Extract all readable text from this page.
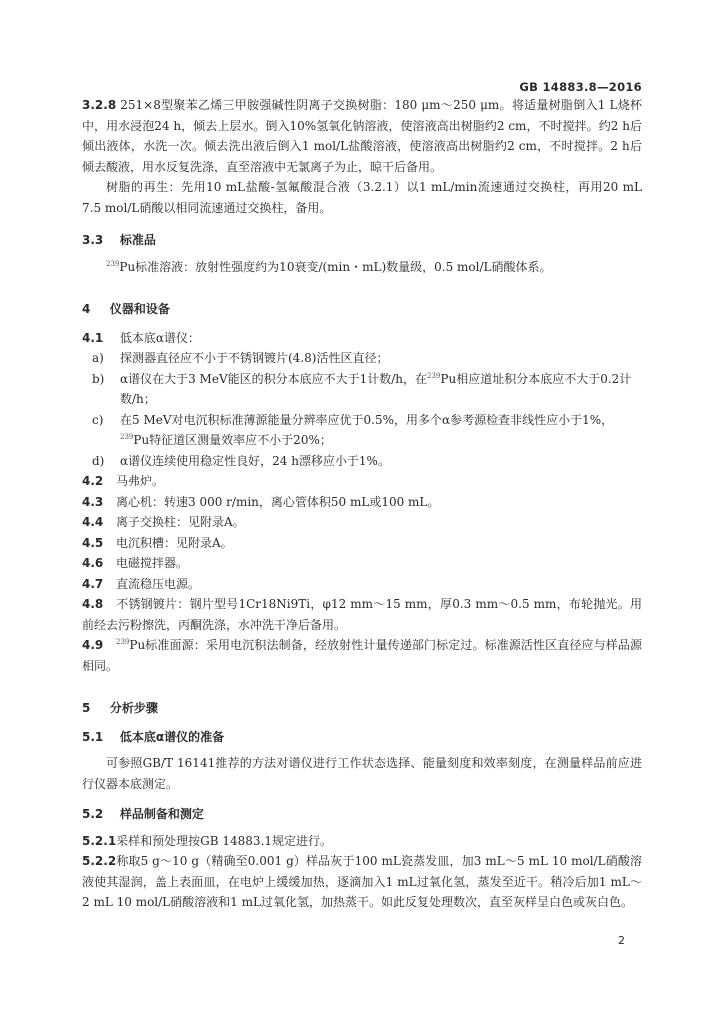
GB 14883.8—2016

3.2.8 251×8型聚苯乙烯三甲胺强碱性阴离子交换树脂：180 μm～250 μm。将适量树脂倒入1 L烧杯中，用水浸泡24 h，倾去上层水。倒入10%氢氧化钠溶液，使溶液高出树脂约2 cm，不时搅拌。约2 h后倾出液体，水洗一次。倾去洗出液后倒入1 mol/L盐酸溶液，使溶液高出树脂约2 cm，不时搅拌。2 h后倾去酸液，用水反复洗涤，直至溶液中无氯离子为止，晾干后备用。

树脂的再生：先用10 mL盐酸-氢氟酸混合液（3.2.1）以1 mL/min流速通过交换柱，再用20 mL 7.5 mol/L硝酸以相同流速通过交换柱，备用。

3.3 标准品

$^{239}$Pu标准溶液：放射性强度约为10衰变/(min・mL)数量级，0.5 mol/L硝酸体系。

4 仪器和设备

4.1 低本底α谱仪：

a)	探测器直径应不小于不锈钢镀片(4.8)活性区直径；
b)	α谱仪在大于3 MeV能区的积分本底应不大于1计数/h，在$^{239}$Pu相应道址积分本底应不大于0.2计数/h；
c)	在5 MeV对电沉积标准薄源能量分辨率应优于0.5%，用多个α参考源检查非线性应小于1%，$^{239}$Pu特征道区测量效率应不小于20%；
d)	α谱仪连续使用稳定性良好，24 h漂移应小于1%。

4.2 马弗炉。

4.3 离心机：转速3 000 r/min，离心管体积50 mL或100 mL。

4.4 离子交换柱：见附录A。

4.5 电沉积槽：见附录A。

4.6 电磁搅拌器。

4.7 直流稳压电源。

4.8 不锈钢镀片：钢片型号1Cr18Ni9Ti，φ12 mm～15 mm，厚0.3 mm～0.5 mm，布轮抛光。用前经去污粉擦洗，丙酮洗涤，水冲洗干净后备用。

4.9 $^{239}$Pu标准面源：采用电沉积法制备，经放射性计量传递部门标定过。标准源活性区直径应与样品源相同。

5 分析步骤

5.1 低本底α谱仪的准备

可参照GB/T 16141推荐的方法对谱仪进行工作状态选择、能量刻度和效率刻度，在测量样品前应进行仪器本底测定。

5.2 样品制备和测定

5.2.1采样和预处理按GB 14883.1规定进行。

5.2.2称取5 g～10 g（精确至0.001 g）样品灰于100 mL瓷蒸发皿，加3 mL～5 mL 10 mol/L硝酸溶液使其湿润，盖上表面皿，在电炉上缓缓加热，逐滴加入1 mL过氧化氢，蒸发至近干。稍冷后加1 mL～2 mL 10 mol/L硝酸溶液和1 mL过氧化氢，加热蒸干。如此反复处理数次，直至灰样呈白色或灰白色。

2
